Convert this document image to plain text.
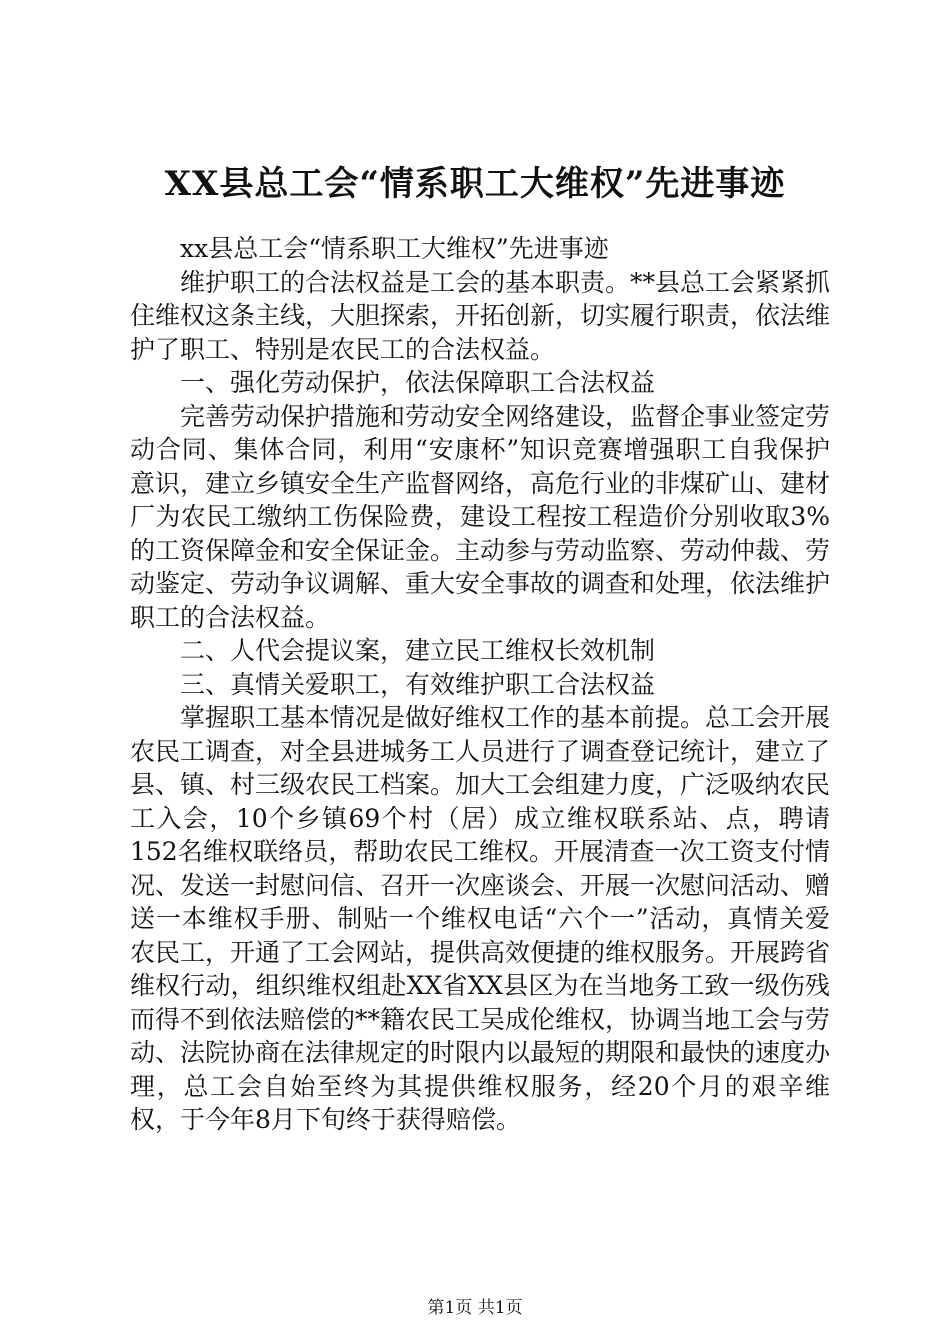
XX县总工会“情系职工大维权”先进事迹

xx县总工会“情系职工大维权”先进事迹

维护职工的合法权益是工会的基本职责。**县总工会紧紧抓住维权这条主线，大胆探索，开拓创新，切实履行职责，依法维护了职工、特别是农民工的合法权益。

一、强化劳动保护，依法保障职工合法权益

完善劳动保护措施和劳动安全网络建设，监督企事业签定劳动合同、集体合同，利用“安康杯”知识竞赛增强职工自我保护意识，建立乡镇安全生产监督网络，高危行业的非煤矿山、建材厂为农民工缴纳工伤保险费，建设工程按工程造价分别收取3%的工资保障金和安全保证金。主动参与劳动监察、劳动仲裁、劳动鉴定、劳动争议调解、重大安全事故的调查和处理，依法维护职工的合法权益。

二、人代会提议案，建立民工维权长效机制

三、真情关爱职工，有效维护职工合法权益

掌握职工基本情况是做好维权工作的基本前提。总工会开展农民工调查，对全县进城务工人员进行了调查登记统计，建立了县、镇、村三级农民工档案。加大工会组建力度，广泛吸纳农民工入会，10个乡镇69个村（居）成立维权联系站、点，聘请152名维权联络员，帮助农民工维权。开展清查一次工资支付情况、发送一封慰问信、召开一次座谈会、开展一次慰问活动、赠送一本维权手册、制贴一个维权电话“六个一”活动，真情关爱农民工，开通了工会网站，提供高效便捷的维权服务。开展跨省维权行动，组织维权组赴XX省XX县区为在当地务工致一级伤残而得不到依法赔偿的**籍农民工吴成伦维权，协调当地工会与劳动、法院协商在法律规定的时限内以最短的期限和最快的速度办理，总工会自始至终为其提供维权服务，经20个月的艰辛维权，于今年8月下旬终于获得赔偿。

第1页 共1页
